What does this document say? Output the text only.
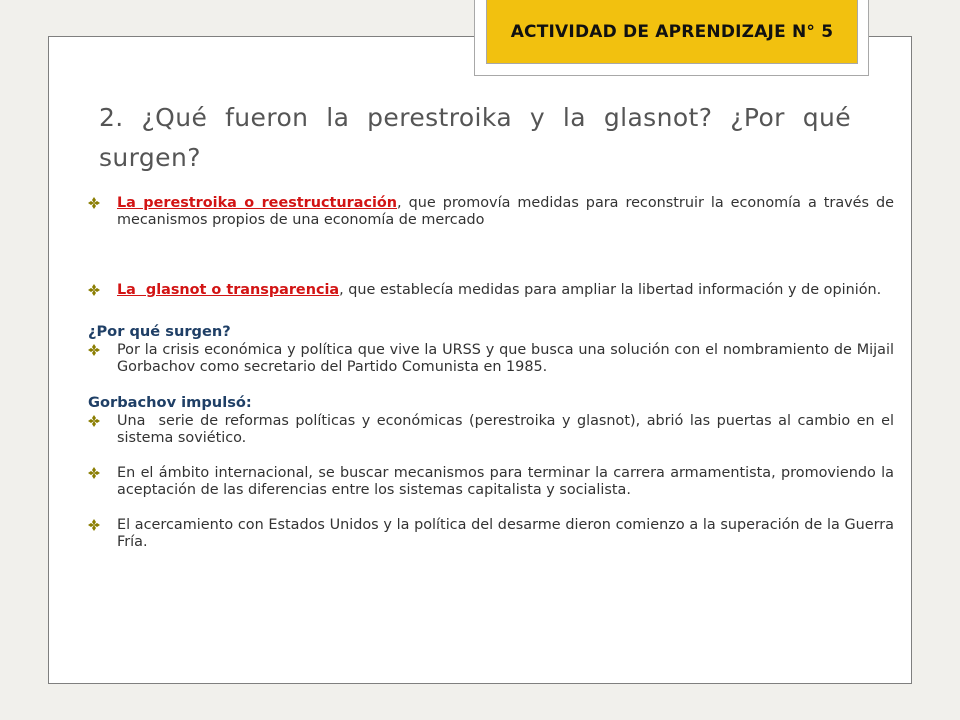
ACTIVIDAD DE APRENDIZAJE N° 5
2. ¿Qué fueron la perestroika y la glasnot? ¿Por qué surgen?
La perestroika o reestructuración, que promovía medidas para reconstruir la economía a través de mecanismos propios de una economía de mercado
La  glasnot o transparencia, que establecía medidas para ampliar la libertad información y de opinión.

¿Por qué surgen?

Por la crisis económica y política que vive la URSS y que busca una solución con el nombramiento de Mijail Gorbachov como secretario del Partido Comunista en 1985.

Gorbachov impulsó:

Una  serie de reformas políticas y económicas (perestroika y glasnot), abrió las puertas al cambio en el sistema soviético.
En el ámbito internacional, se buscar mecanismos para terminar la carrera armamentista, promoviendo la aceptación de las diferencias entre los sistemas capitalista y socialista.
El acercamiento con Estados Unidos y la política del desarme dieron comienzo a la superación de la Guerra Fría.
